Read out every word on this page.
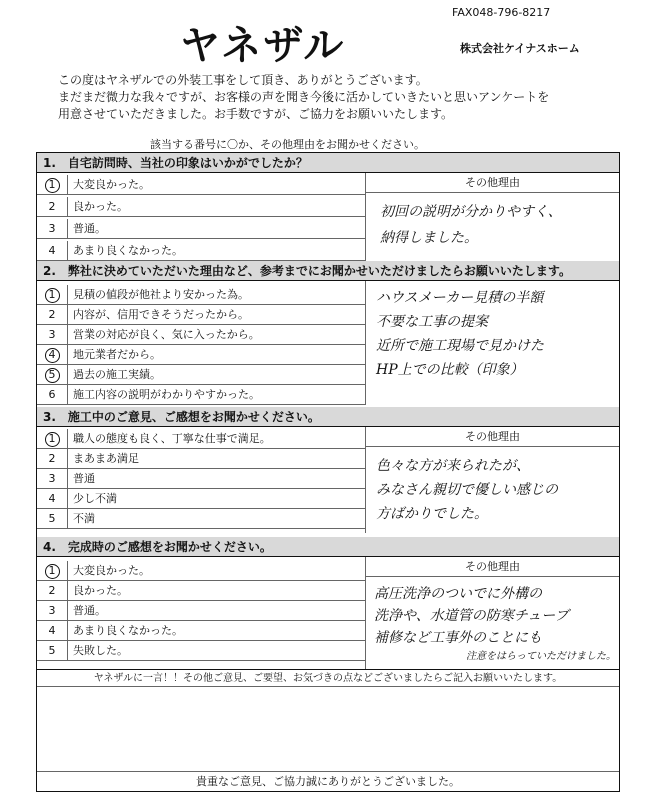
ヤネザル
FAX048-796-8217
株式会社ケイナスホーム
この度はヤネザルでの外装工事をして頂き、ありがとうございます。
まだまだ微力な我々ですが、お客様の声を聞き今後に活かしていきたいと思いアンケートを
用意させていただきました。お手数ですが、ご協力をお願いいたします。
該当する番号に〇か、その他理由をお聞かせください。
1.　自宅訪問時、当社の印象はいかがでしたか？
1	大変良かった。
2	良かった。
3	普通。
4	あまり良くなかった。
その他理由
初回の説明が分かりやすく、
納得しました。
2.　弊社に決めていただいた理由など、参考までにお聞かせいただけましたらお願いいたします。
1	見積の値段が他社より安かった為。
2	内容が、信用できそうだったから。
3	営業の対応が良く、気に入ったから。
4	地元業者だから。
5	過去の施工実績。
6	施工内容の説明がわかりやすかった。
ハウスメーカー見積の半額
不要な工事の提案
近所で施工現場で見かけた
HP上での比較（印象）
3.　施工中のご意見、ご感想をお聞かせください。
1	職人の態度も良く、丁寧な仕事で満足。
2	まあまあ満足
3	普通
4	少し不満
5	不満
その他理由
色々な方が来られたが、
みなさん親切で優しい感じの
方ばかりでした。
4.　完成時のご感想をお聞かせください。
1	大変良かった。
2	良かった。
3	普通。
4	あまり良くなかった。
5	失敗した。
その他理由
高圧洗浄のついでに外構の
洗浄や、水道管の防寒チューブ
補修など工事外のことにも
注意をはらっていただけました。
ヤネザルに一言！！その他ご意見、ご要望、お気づきの点などございましたらご記入お願いいたします。
貴重なご意見、ご協力誠にありがとうございました。
